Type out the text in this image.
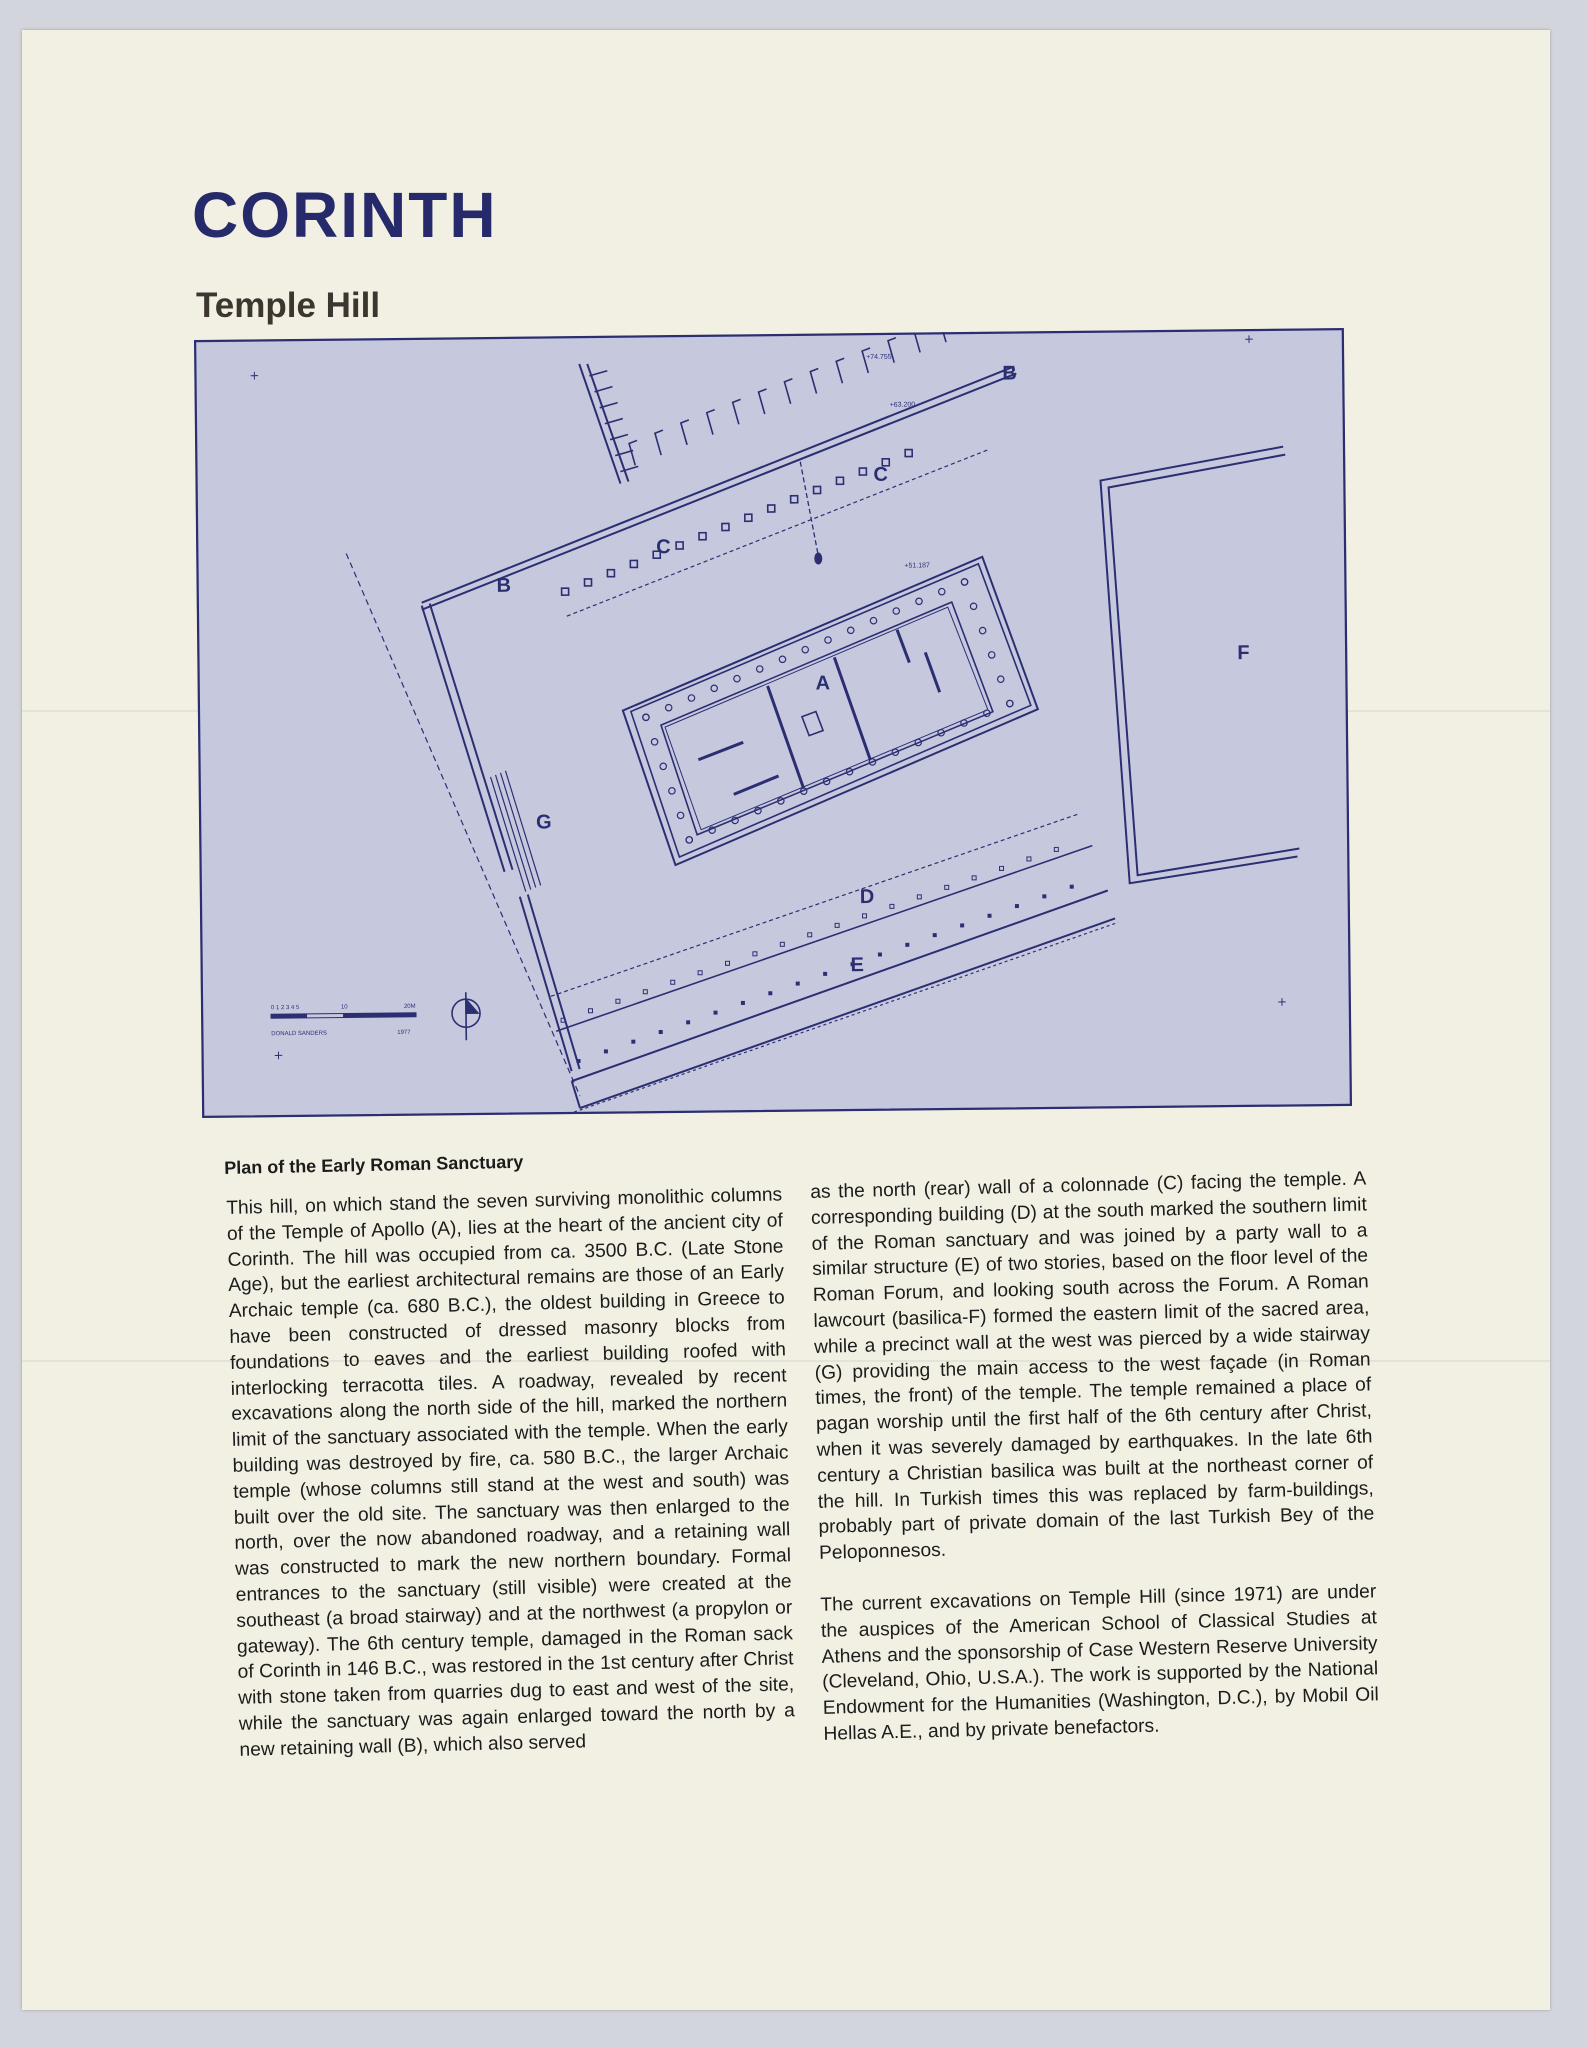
CORINTH
Temple Hill
B
B
C
C
A
F
G
D
E
+74.755
+63.200
+51.187
+
+
+
+
0 1 2 3 4 5	10	20M
DONALD SANDERS	1977

Plan of the Early Roman Sanctuary

This hill, on which stand the seven surviving monolithic columns of the Temple of Apollo (A), lies at the heart of the ancient city of Corinth. The hill was occupied from ca. 3500 B.C. (Late Stone Age), but the earliest architectural remains are those of an Early Archaic temple (ca. 680 B.C.), the oldest building in Greece to have been constructed of dressed masonry blocks from foundations to eaves and the earliest building roofed with interlocking terracotta tiles. A roadway, revealed by recent excavations along the north side of the hill, marked the northern limit of the sanctuary associated with the temple. When the early building was destroyed by fire, ca. 580 B.C., the larger Archaic temple (whose columns still stand at the west and south) was built over the old site. The sanctuary was then enlarged to the north, over the now abandoned roadway, and a retaining wall was constructed to mark the new northern boundary. Formal entrances to the sanctuary (still visible) were created at the southeast (a broad stairway) and at the northwest (a propylon or gateway). The 6th century temple, damaged in the Roman sack of Corinth in 146 B.C., was restored in the 1st century after Christ with stone taken from quarries dug to east and west of the site, while the sanctuary was again enlarged toward the north by a new retaining wall (B), which also served

as the north (rear) wall of a colonnade (C) facing the temple. A corresponding building (D) at the south marked the southern limit of the Roman sanctuary and was joined by a party wall to a similar structure (E) of two stories, based on the floor level of the Roman Forum, and looking south across the Forum. A Roman lawcourt (basilica-F) formed the eastern limit of the sacred area, while a precinct wall at the west was pierced by a wide stairway (G) providing the main access to the west façade (in Roman times, the front) of the temple. The temple remained a place of pagan worship until the first half of the 6th century after Christ, when it was severely damaged by earthquakes. In the late 6th century a Christian basilica was built at the northeast corner of the hill. In Turkish times this was replaced by farm-buildings, probably part of private domain of the last Turkish Bey of the Peloponnesos.

The current excavations on Temple Hill (since 1971) are under the auspices of the American School of Classical Studies at Athens and the sponsorship of Case Western Reserve University (Cleveland, Ohio, U.S.A.). The work is supported by the National Endowment for the Humanities (Washington, D.C.), by Mobil Oil Hellas A.E., and by private benefactors.
